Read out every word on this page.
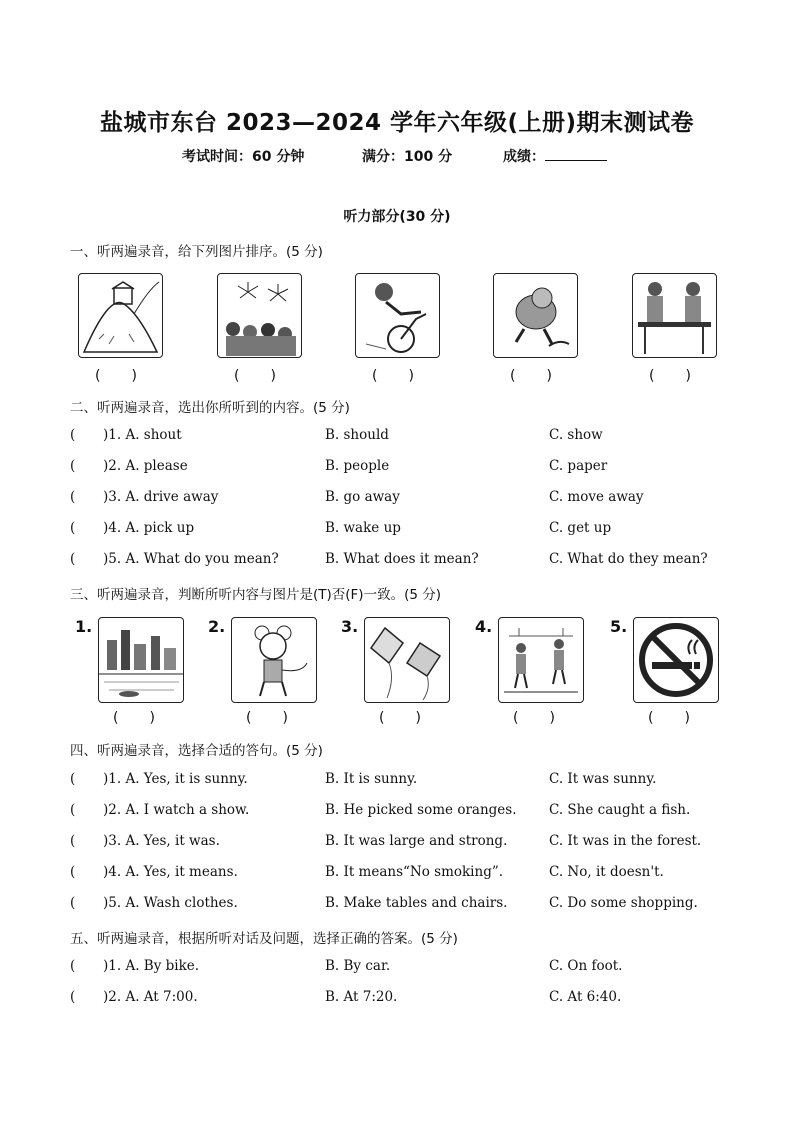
盐城市东台 2023—2024 学年六年级(上册)期末测试卷
考试时间：60 分钟	满分：100 分	成绩：
听力部分(30 分)
一、听两遍录音，给下列图片排序。(5 分)
(　　)	(　　)	(　　)	(　　)	(　　)
二、听两遍录音，选出你所听到的内容。(5 分)
( )1. A. shout	B. should	C. show
( )2. A. please	B. people	C. paper
( )3. A. drive away	B. go away	C. move away
( )4. A. pick up	B. wake up	C. get up
( )5. A. What do you mean?	B. What does it mean?	C. What do they mean?
三、听两遍录音，判断所听内容与图片是(T)否(F)一致。(5 分)
1.	2.	3.	4.	5.
(　　)	(　　)	(　　)	(　　)	(　　)
四、听两遍录音，选择合适的答句。(5 分)
( )1. A. Yes, it is sunny.	B. It is sunny.	C. It was sunny.
( )2. A. I watch a show.	B. He picked some oranges. C. She caught a fish.
( )3. A. Yes, it was.	B. It was large and strong.	C. It was in the forest.
( )4. A. Yes, it means.	B. It means“No smoking”.	C. No, it doesn't.
( )5. A. Wash clothes.	B. Make tables and chairs.	C. Do some shopping.
五、听两遍录音，根据所听对话及问题，选择正确的答案。(5 分)
( )1. A. By bike.	B. By car.	C. On foot.
( )2. A. At 7:00.	B. At 7:20.	C. At 6:40.
